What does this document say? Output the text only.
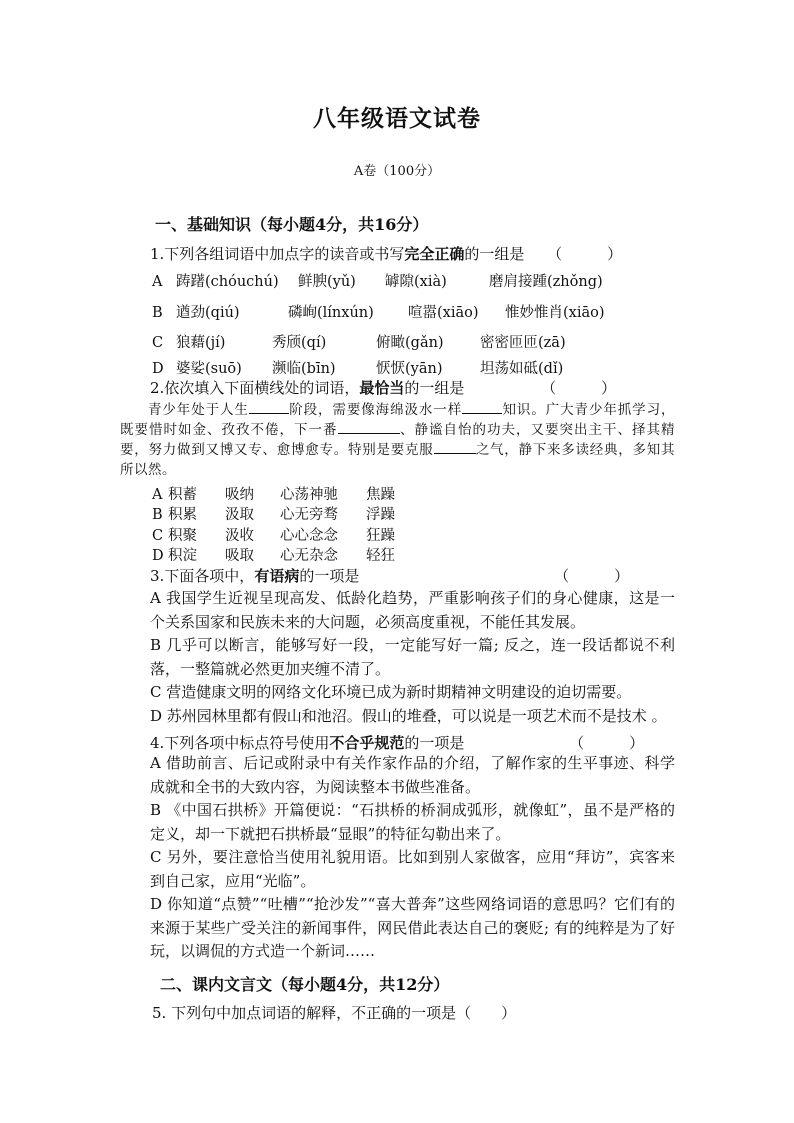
八年级语文试卷
A卷（100分）
一、基础知识（每小题4分，共16分）
1.下列各组词语中加点字的读音或书写完全正确的一组是 （　　　）
A 踌躇(chóuchú) 鲜腴(yǔ) 罅隙(xià)	磨肩接踵(zhǒng)
B 遒劲(qiú)	磷峋(línxún) 喧嚣(xiāo) 惟妙惟肖(xiāo)
C 狼藉(jí)	秀颀(qí)	俯瞰(gǎn)	密密匝匝(zā)
D 婆娑(suō) 濒临(bīn)	恹恹(yān)	坦荡如砥(dǐ)
2.依次填入下面横线处的词语，最恰当的一组是	（　　　）
青少年处于人生	阶段，需要像海绵汲水一样	知识。广大青少年抓学习，既要惜时如金、孜孜不倦，下一番	、静谧自怡的功夫，又要突出主干、择其精要，努力做到又博又专、愈博愈专。特别是要克服	之气，静下来多读经典，多知其所以然。
A 积蓄 吸纳 心荡神驰 焦躁
B 积累 汲取 心无旁骛 浮躁
C 积聚 汲收 心心念念 狂躁
D 积淀 吸取 心无杂念 轻狂
3.下面各项中，有语病的一项是	（　　　）
A 我国学生近视呈现高发、低龄化趋势，严重影响孩子们的身心健康，这是一个关系国家和民族未来的大问题，必须高度重视，不能任其发展。
B 几乎可以断言，能够写好一段，一定能写好一篇; 反之，连一段话都说不利落，一整篇就必然更加夹缠不清了。
C 营造健康文明的网络文化环境已成为新时期精神文明建设的迫切需要。
D 苏州园林里都有假山和池沼。假山的堆叠，可以说是一项艺术而不是技术 。
4.下列各项中标点符号使用不合乎规范的一项是	（　　　）
A 借助前言、后记或附录中有关作家作品的介绍，了解作家的生平事迹、科学成就和全书的大致内容，为阅读整本书做些准备。
B 《中国石拱桥》开篇便说：“石拱桥的桥洞成弧形，就像虹”，虽不是严格的定义，却一下就把石拱桥最“显眼”的特征勾勒出来了。
C 另外，要注意恰当使用礼貌用语。比如到别人家做客，应用“拜访”，宾客来到自己家，应用“光临”。
D 你知道“点赞”“吐槽”“抢沙发”“喜大普奔”这些网络词语的意思吗？它们有的来源于某些广受关注的新闻事件，网民借此表达自己的褒贬; 有的纯粹是为了好玩，以调侃的方式造一个新词……
二、课内文言文（每小题4分，共12分）
5. 下列句中加点词语的解释，不正确的一项是（　　）
